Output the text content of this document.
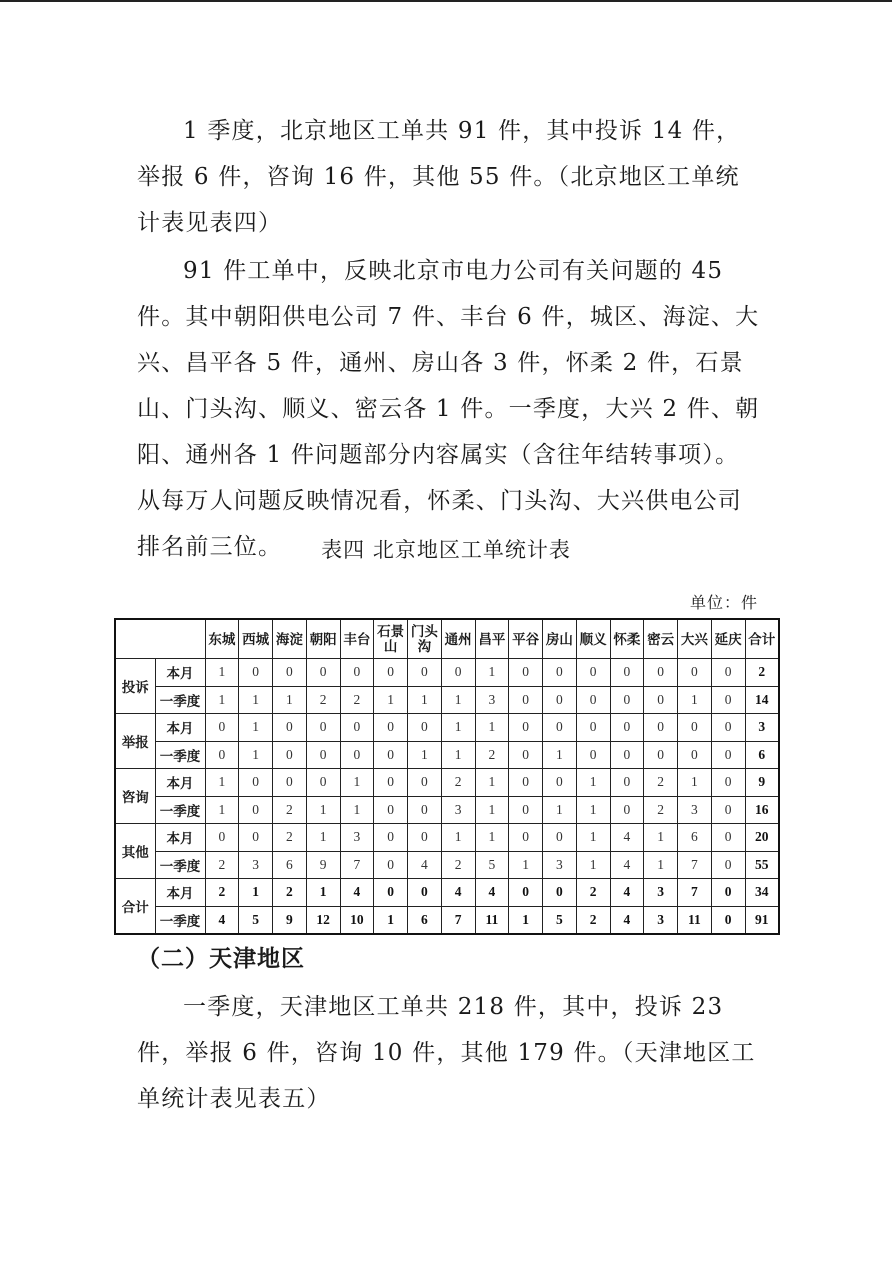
1 季度，北京地区工单共 91 件，其中投诉 14 件，举报 6 件，咨询 16 件，其他 55 件。（北京地区工单统计表见表四）

91 件工单中，反映北京市电力公司有关问题的 45 件。其中朝阳供电公司 7 件、丰台 6 件，城区、海淀、大兴、昌平各 5 件，通州、房山各 3 件，怀柔 2 件，石景山、门头沟、顺义、密云各 1 件。一季度，大兴 2 件、朝阳、通州各 1 件问题部分内容属实（含往年结转事项）。从每万人问题反映情况看，怀柔、门头沟、大兴供电公司排名前三位。	表四 北京地区工单统计表
单位：件
		东城	西城	海淀	朝阳	丰台	石景山	门头沟	通州	昌平	平谷	房山	顺义	怀柔	密云	大兴	延庆	合计
投诉	本月	1	0	0	0	0	0	0	0	1	0	0	0	0	0	0	0	2
	一季度	1	1	1	2	2	1	1	1	3	0	0	0	0	0	1	0	14
举报	本月	0	1	0	0	0	0	0	1	1	0	0	0	0	0	0	0	3
	一季度	0	1	0	0	0	0	1	1	2	0	1	0	0	0	0	0	6
咨询	本月	1	0	0	0	1	0	0	2	1	0	0	1	0	2	1	0	9
	一季度	1	0	2	1	1	0	0	3	1	0	1	1	0	2	3	0	16
其他	本月	0	0	2	1	3	0	0	1	1	0	0	1	4	1	6	0	20
	一季度	2	3	6	9	7	0	4	2	5	1	3	1	4	1	7	0	55
合计	本月	2	1	2	1	4	0	0	4	4	0	0	2	4	3	7	0	34
	一季度	4	5	9	12	10	1	6	7	11	1	5	2	4	3	11	0	91
（二）天津地区

一季度，天津地区工单共 218 件，其中，投诉 23 件，举报 6 件，咨询 10 件，其他 179 件。（天津地区工单统计表见表五）
